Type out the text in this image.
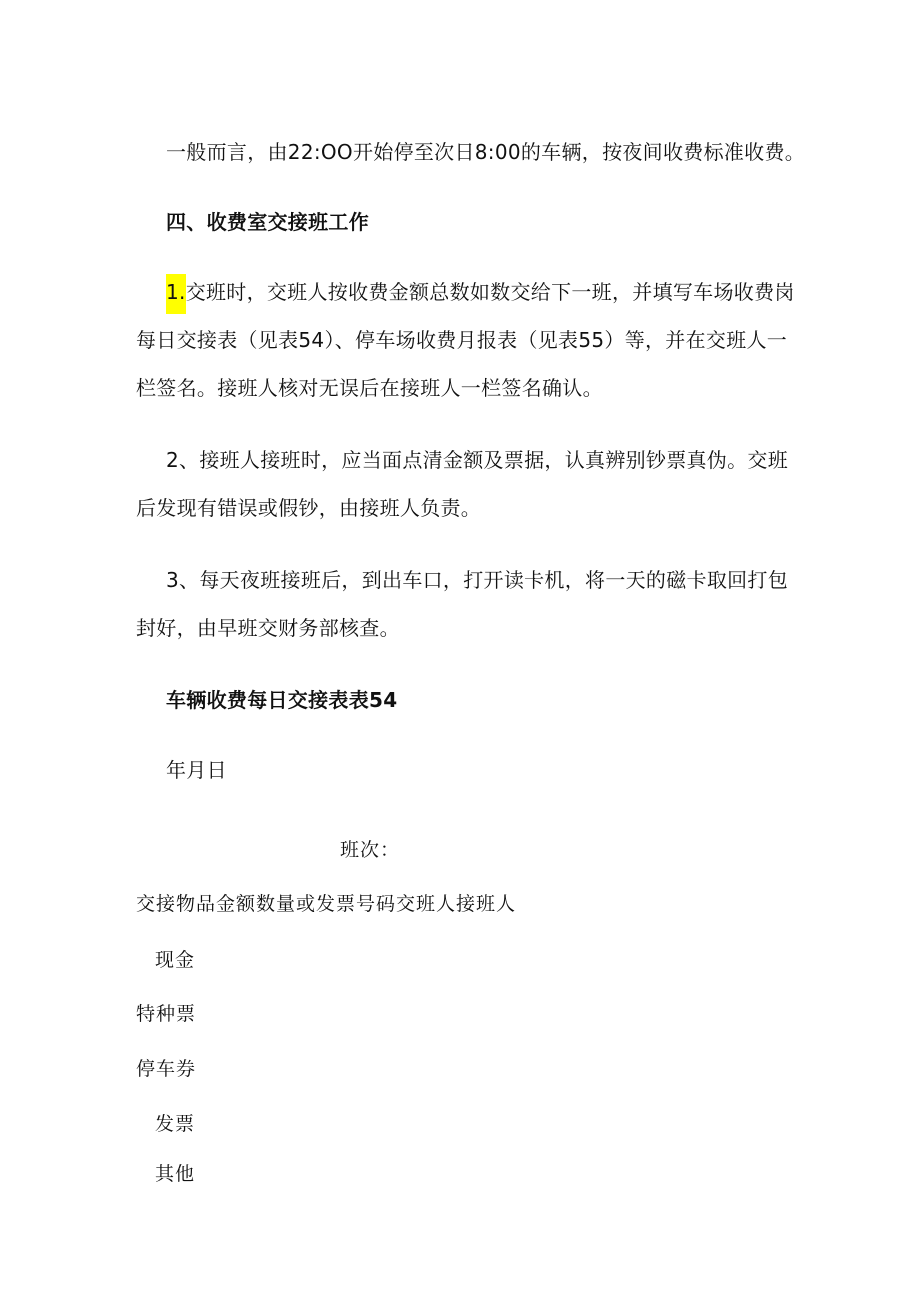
一般而言，由22:OO开始停至次日8:00的车辆，按夜间收费标准收费。
四、收费室交接班工作
1.交班时，交班人按收费金额总数如数交给下一班，并填写车场收费岗
每日交接表（见表54）、停车场收费月报表（见表55）等，并在交班人一
栏签名。接班人核对无误后在接班人一栏签名确认。
2、接班人接班时，应当面点清金额及票据，认真辨别钞票真伪。交班
后发现有错误或假钞，由接班人负责。
3、每天夜班接班后，到出车口，打开读卡机，将一天的磁卡取回打包
封好，由早班交财务部核查。
车辆收费每日交接表表54
年月日
班次：
交接物品金额数量或发票号码交班人接班人
现金
特种票
停车券
发票
其他
